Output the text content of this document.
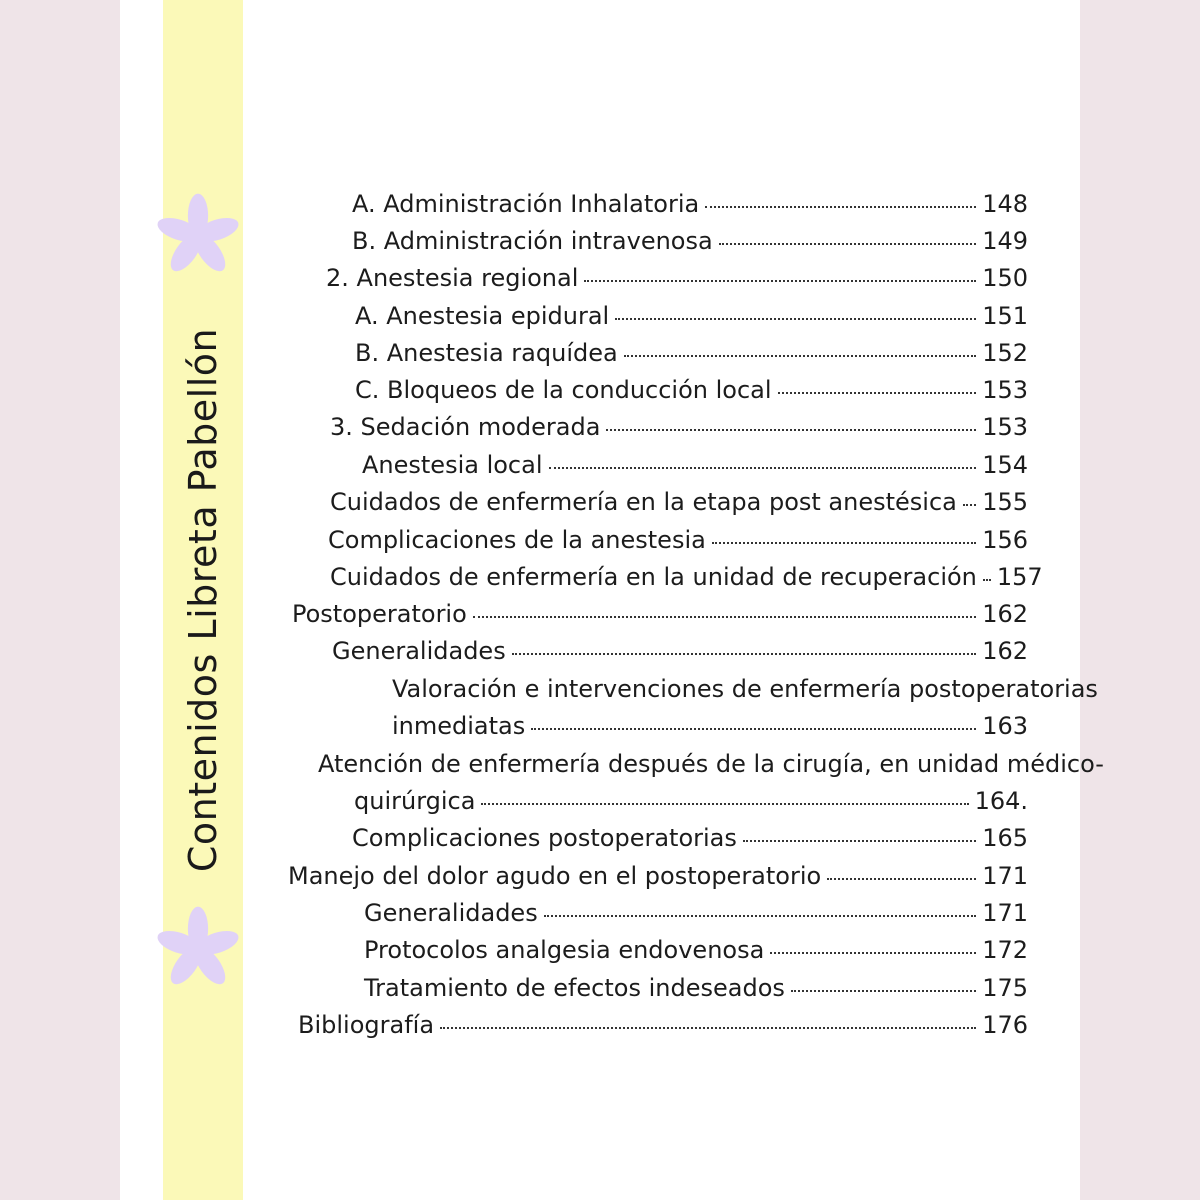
Contenidos Libreta Pabellón
A. Administración Inhalatoria	148
B. Administración intravenosa	149
2. Anestesia regional	150
A. Anestesia epidural	151
B. Anestesia raquídea	152
C. Bloqueos de la conducción local	153
3. Sedación moderada	153
Anestesia local	154
Cuidados de enfermería en la etapa post anestésica 155
Complicaciones de la anestesia	156
Cuidados de enfermería en la unidad de recuperación 157
Postoperatorio	162
Generalidades	162
Valoración e intervenciones de enfermería postoperatorias
inmediatas	163
Atención de enfermería después de la cirugía, en unidad médico-
quirúrgica	164.
Complicaciones postoperatorias	165
Manejo del dolor agudo en el postoperatorio	171
Generalidades	171
Protocolos analgesia endovenosa	172
Tratamiento de efectos indeseados	175
Bibliografía	176
